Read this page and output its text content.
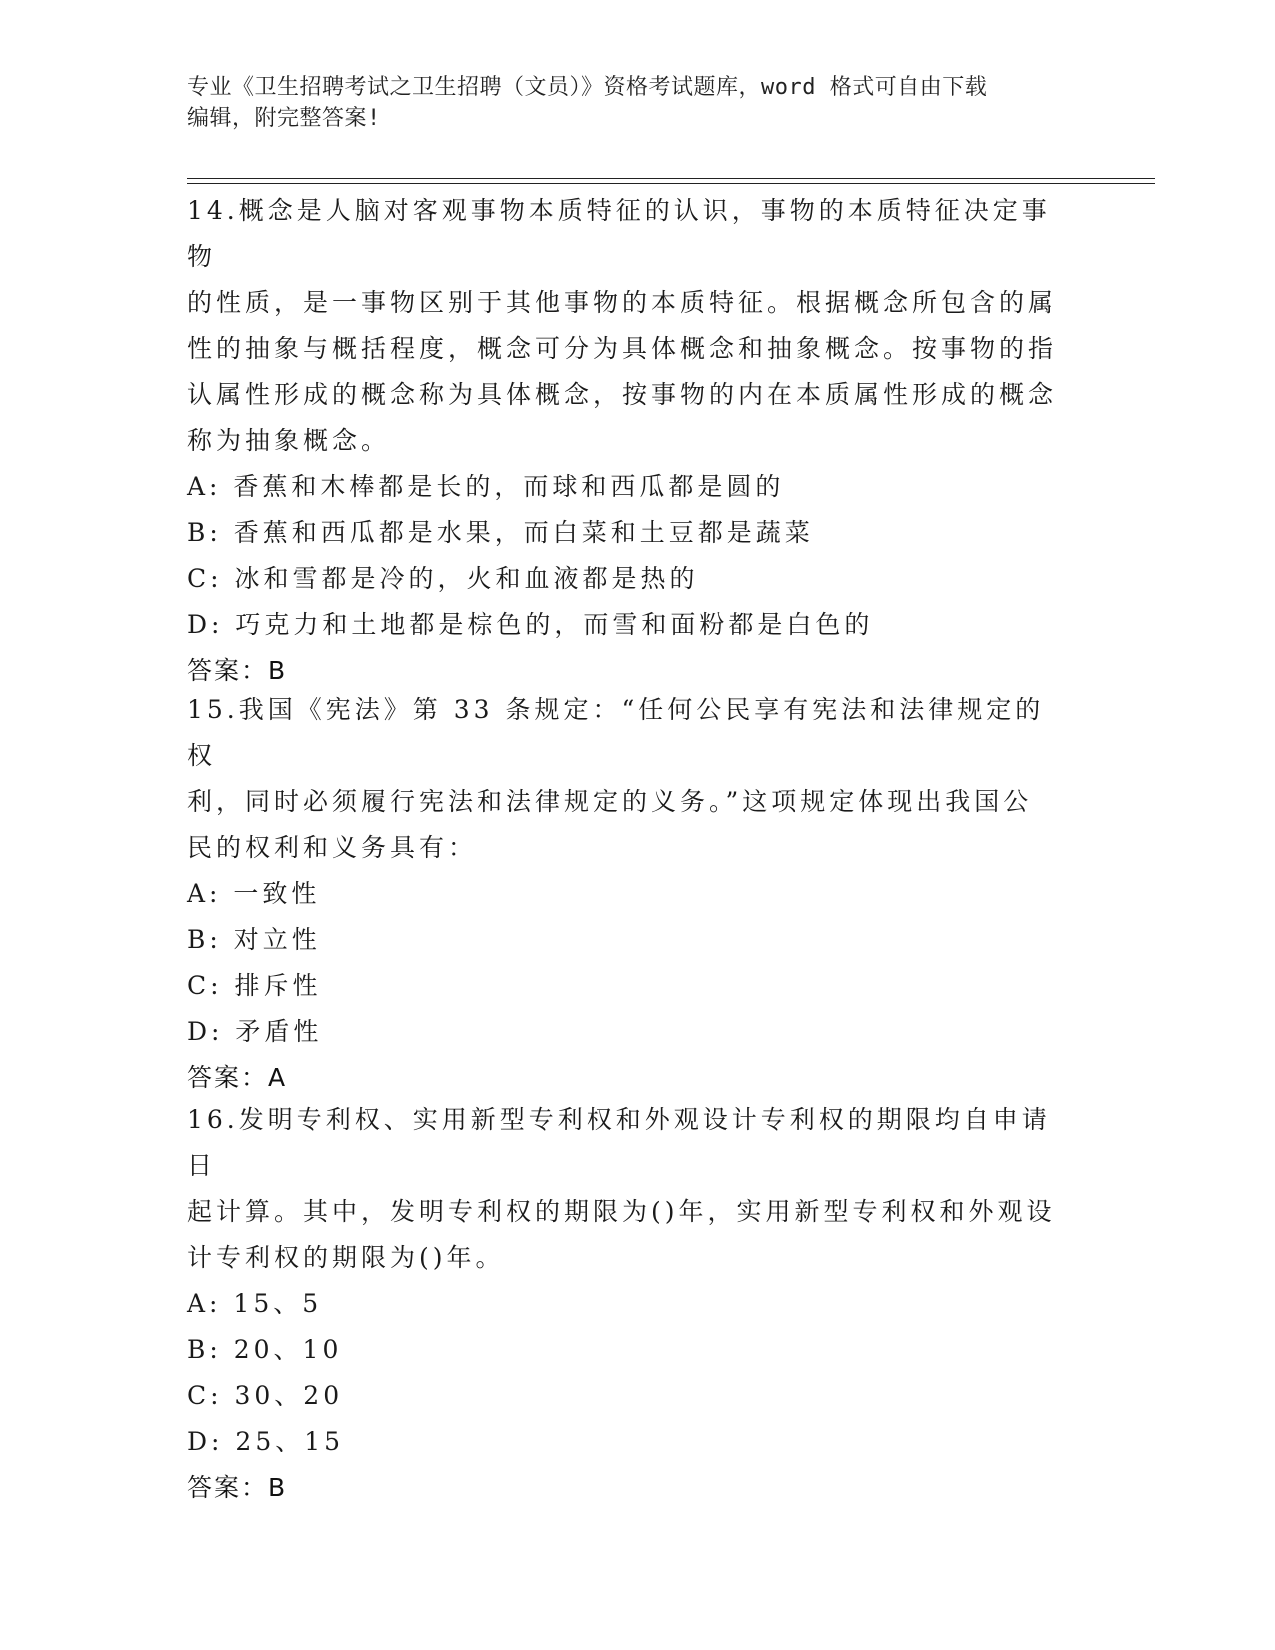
专业《卫生招聘考试之卫生招聘（文员）》资格考试题库，word 格式可自由下载
编辑，附完整答案!

14.概念是人脑对客观事物本质特征的认识，事物的本质特征决定事物

的性质，是一事物区别于其他事物的本质特征。根据概念所包含的属

性的抽象与概括程度，概念可分为具体概念和抽象概念。按事物的指

认属性形成的概念称为具体概念，按事物的内在本质属性形成的概念

称为抽象概念。

A: 香蕉和木棒都是长的，而球和西瓜都是圆的

B: 香蕉和西瓜都是水果，而白菜和土豆都是蔬菜

C: 冰和雪都是冷的，火和血液都是热的

D: 巧克力和土地都是棕色的，而雪和面粉都是白色的

答案：B

15.我国《宪法》第 33 条规定：“任何公民享有宪法和法律规定的权

利，同时必须履行宪法和法律规定的义务。”这项规定体现出我国公

民的权利和义务具有：

A: 一致性

B: 对立性

C: 排斥性

D: 矛盾性

答案：A

16.发明专利权、实用新型专利权和外观设计专利权的期限均自申请日

起计算。其中，发明专利权的期限为()年，实用新型专利权和外观设

计专利权的期限为()年。

A: 15、5

B: 20、10

C: 30、20

D: 25、15

答案：B
